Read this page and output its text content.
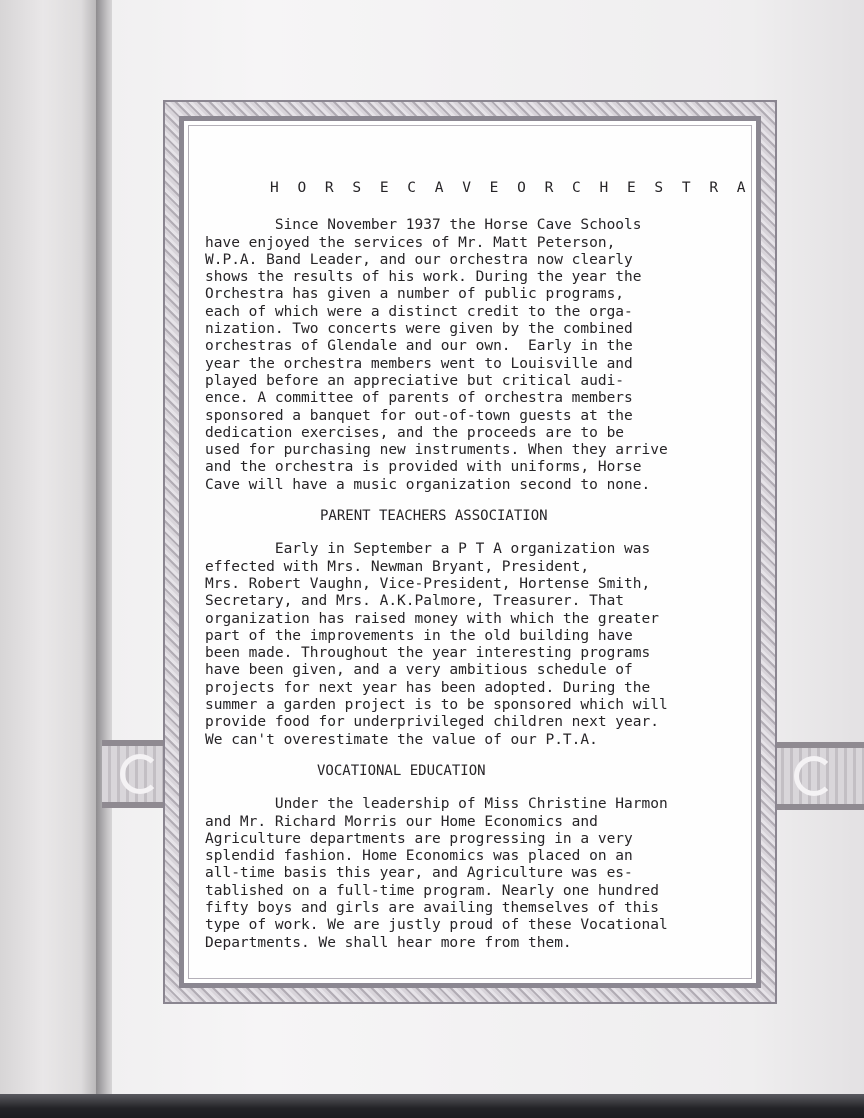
H O R S E C A V E O R C H E S T R A

Since November 1937 the Horse Cave Schools

have enjoyed the services of Mr. Matt Peterson,

W.P.A. Band Leader, and our orchestra now clearly

shows the results of his work. During the year the

Orchestra has given a number of public programs,

each of which were a distinct credit to the orga-

nization. Two concerts were given by the combined

orchestras of Glendale and our own.  Early in the

year the orchestra members went to Louisville and

played before an appreciative but critical audi-

ence. A committee of parents of orchestra members

sponsored a banquet for out-of-town guests at the

dedication exercises, and the proceeds are to be

used for purchasing new instruments. When they arrive

and the orchestra is provided with uniforms, Horse

Cave will have a music organization second to none.

PARENT TEACHERS ASSOCIATION

Early in September a P T A organization was

effected with Mrs. Newman Bryant, President,

Mrs. Robert Vaughn, Vice-President, Hortense Smith,

Secretary, and Mrs. A.K.Palmore, Treasurer. That

organization has raised money with which the greater

part of the improvements in the old building have

been made. Throughout the year interesting programs

have been given, and a very ambitious schedule of

projects for next year has been adopted. During the

summer a garden project is to be sponsored which will

provide food for underprivileged children next year.

We can't overestimate the value of our P.T.A.

VOCATIONAL EDUCATION

Under the leadership of Miss Christine Harmon

and Mr. Richard Morris our Home Economics and

Agriculture departments are progressing in a very

splendid fashion. Home Economics was placed on an

all-time basis this year, and Agriculture was es-

tablished on a full-time program. Nearly one hundred

fifty boys and girls are availing themselves of this

type of work. We are justly proud of these Vocational

Departments. We shall hear more from them.
